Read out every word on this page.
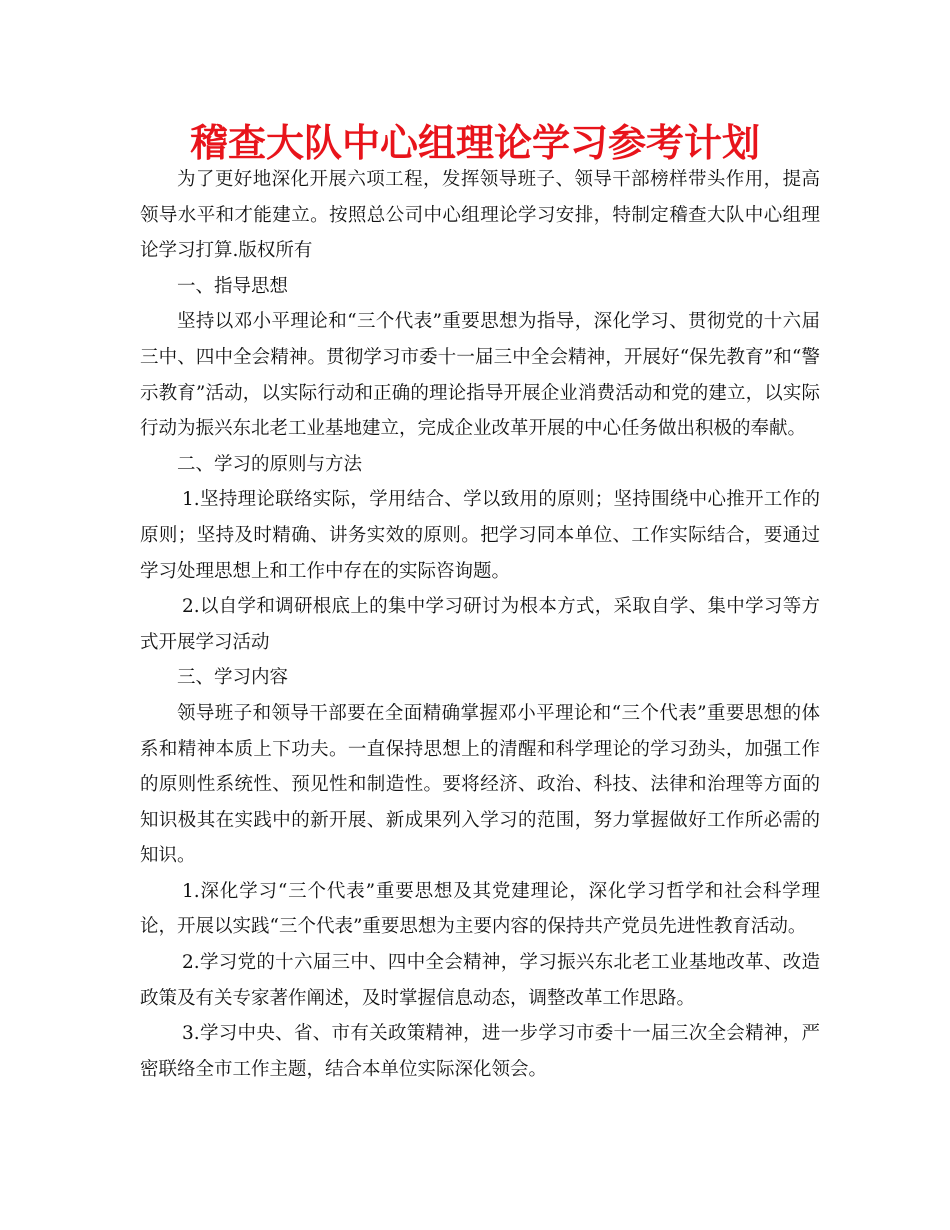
稽查大队中心组理论学习参考计划

为了更好地深化开展六项工程，发挥领导班子、领导干部榜样带头作用，提高领导水平和才能建立。按照总公司中心组理论学习安排，特制定稽查大队中心组理论学习打算.版权所有

一、指导思想

坚持以邓小平理论和“三个代表”重要思想为指导，深化学习、贯彻党的十六届三中、四中全会精神。贯彻学习市委十一届三中全会精神，开展好“保先教育”和“警示教育”活动，以实际行动和正确的理论指导开展企业消费活动和党的建立，以实际行动为振兴东北老工业基地建立，完成企业改革开展的中心任务做出积极的奉献。

二、学习的原则与方法

1.坚持理论联络实际，学用结合、学以致用的原则；坚持围绕中心推开工作的原则；坚持及时精确、讲务实效的原则。把学习同本单位、工作实际结合，要通过学习处理思想上和工作中存在的实际咨询题。

2.以自学和调研根底上的集中学习研讨为根本方式，采取自学、集中学习等方式开展学习活动

三、学习内容

领导班子和领导干部要在全面精确掌握邓小平理论和“三个代表”重要思想的体系和精神本质上下功夫。一直保持思想上的清醒和科学理论的学习劲头，加强工作的原则性系统性、预见性和制造性。要将经济、政治、科技、法律和治理等方面的知识极其在实践中的新开展、新成果列入学习的范围，努力掌握做好工作所必需的知识。

1.深化学习“三个代表”重要思想及其党建理论，深化学习哲学和社会科学理论，开展以实践“三个代表”重要思想为主要内容的保持共产党员先进性教育活动。

2.学习党的十六届三中、四中全会精神，学习振兴东北老工业基地改革、改造政策及有关专家著作阐述，及时掌握信息动态，调整改革工作思路。

3.学习中央、省、市有关政策精神，进一步学习市委十一届三次全会精神，严密联络全市工作主题，结合本单位实际深化领会。
